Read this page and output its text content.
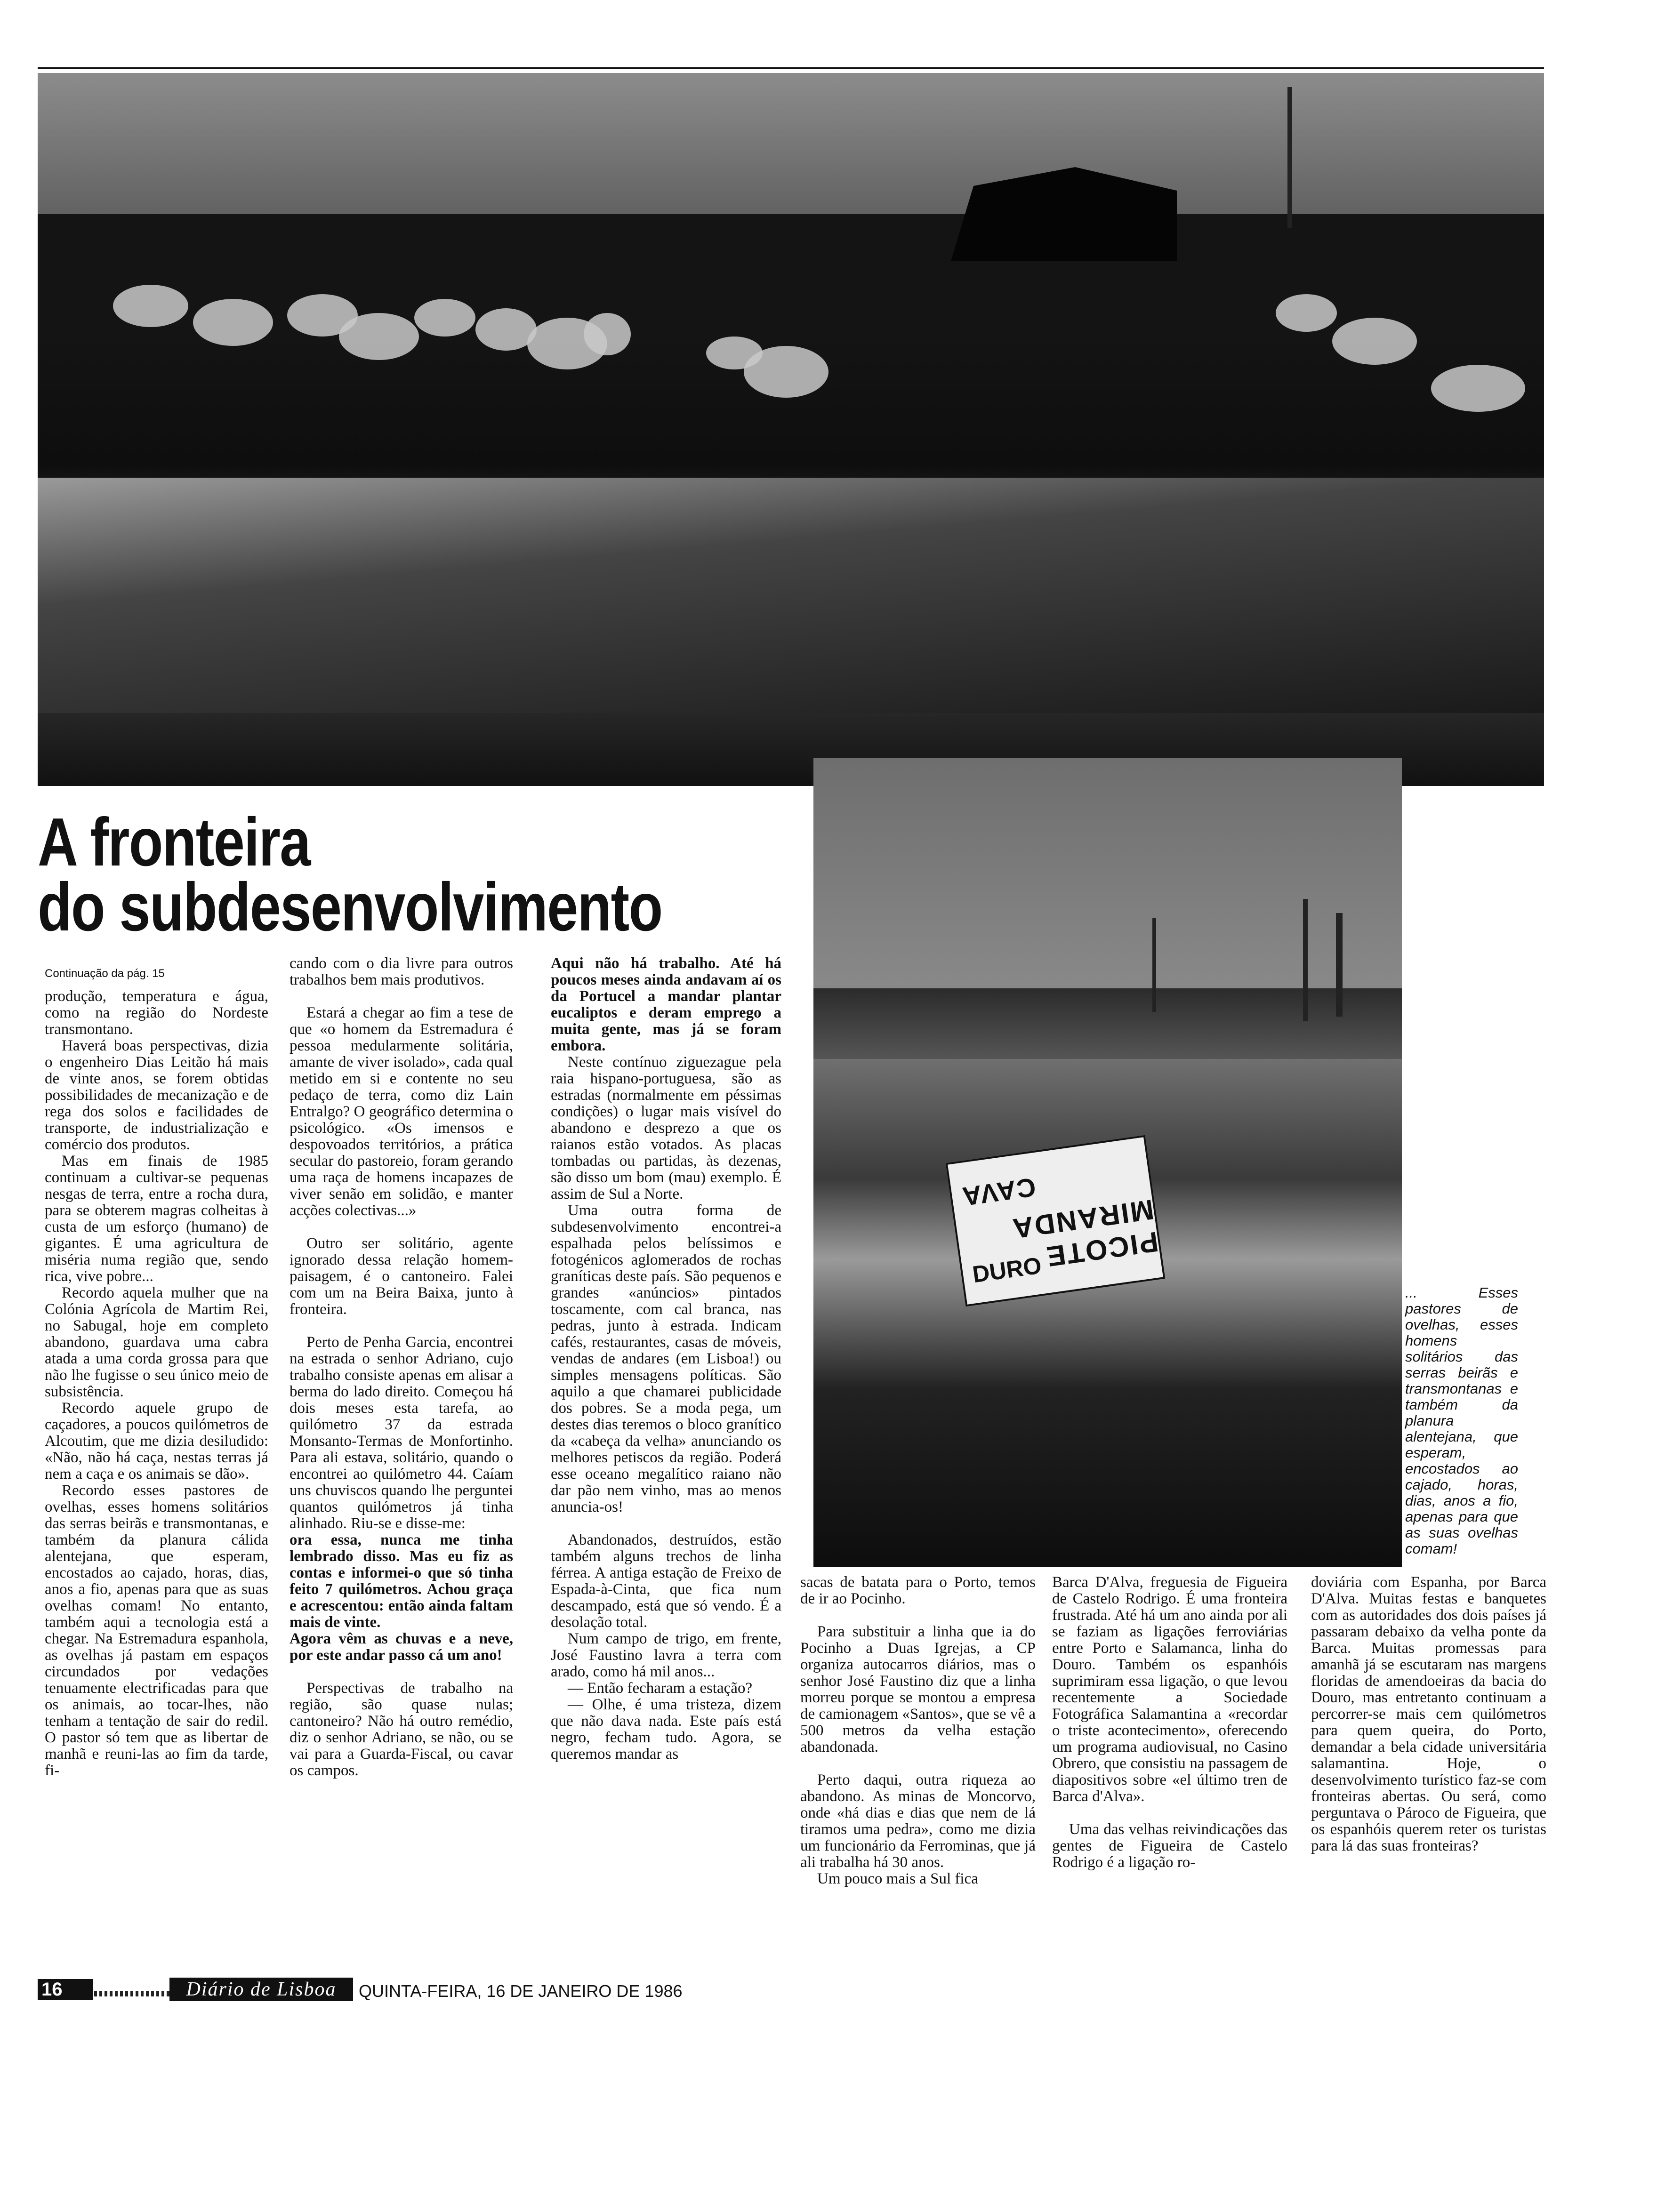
A fronteira
do subdesenvolvimento
Continuação da pág. 15
CAVA
PICOTE MIRANDA
DURO
... Esses pastores de ovelhas, esses homens solitários das serras beirãs e transmontanas e também da planura alentejana, que esperam, encostados ao cajado, horas, dias, anos a fio, apenas para que as suas ovelhas comam!

produção, temperatura e água, como na região do Nordeste transmontano.

Haverá boas perspectivas, dizia o engenheiro Dias Leitão há mais de vinte anos, se forem obtidas possibilidades de mecanização e de rega dos solos e facilidades de transporte, de industrialização e comércio dos produtos.

Mas em finais de 1985 continuam a cultivar-se pequenas nesgas de terra, entre a rocha dura, para se obterem magras colheitas à custa de um esforço (humano) de gigantes. É uma agricultura de miséria numa região que, sendo rica, vive pobre...

Recordo aquela mulher que na Colónia Agrícola de Martim Rei, no Sabugal, hoje em completo abandono, guardava uma cabra atada a uma corda grossa para que não lhe fugisse o seu único meio de subsistência.

Recordo aquele grupo de caçadores, a poucos quilómetros de Alcoutim, que me dizia desiludido: «Não, não há caça, nestas terras já nem a caça e os animais se dão».

Recordo esses pastores de ovelhas, esses homens solitários das serras beirãs e transmontanas, e também da planura cálida alentejana, que esperam, encostados ao cajado, horas, dias, anos a fio, apenas para que as suas ovelhas comam! No entanto, também aqui a tecnologia está a chegar. Na Estremadura espanhola, as ovelhas já pastam em espaços circundados por vedações tenuamente electrificadas para que os animais, ao tocar-lhes, não tenham a tentação de sair do redil. O pastor só tem que as libertar de manhã e reuni-las ao fim da tarde, fi-

cando com o dia livre para outros trabalhos bem mais produtivos.

Estará a chegar ao fim a tese de que «o homem da Estremadura é pessoa medularmente solitária, amante de viver isolado», cada qual metido em si e contente no seu pedaço de terra, como diz Lain Entralgo? O geográfico determina o psicológico. «Os imensos e despovoados territórios, a prática secular do pastoreio, foram gerando uma raça de homens incapazes de viver senão em solidão, e manter acções colectivas...»

Outro ser solitário, agente ignorado dessa relação homem-paisagem, é o cantoneiro. Falei com um na Beira Baixa, junto à fronteira.

Perto de Penha Garcia, encontrei na estrada o senhor Adriano, cujo trabalho consiste apenas em alisar a berma do lado direito. Começou há dois meses esta tarefa, ao quilómetro 37 da estrada Monsanto-Termas de Monfortinho. Para ali estava, solitário, quando o encontrei ao quilómetro 44. Caíam uns chuviscos quando lhe perguntei quantos quilómetros já tinha alinhado. Riu-se e disse-me:

ora essa, nunca me tinha lembrado disso. Mas eu fiz as contas e informei-o que só tinha feito 7 quilómetros. Achou graça e acrescentou: então ainda faltam mais de vinte.

Agora vêm as chuvas e a neve, por este andar passo cá um ano!

Perspectivas de trabalho na região, são quase nulas; cantoneiro? Não há outro remédio, diz o senhor Adriano, se não, ou se vai para a Guarda-Fiscal, ou cavar os campos.

Aqui não há trabalho. Até há poucos meses ainda andavam aí os da Portucel a mandar plantar eucaliptos e deram emprego a muita gente, mas já se foram embora.

Neste contínuo ziguezague pela raia hispano-portuguesa, são as estradas (normalmente em péssimas condições) o lugar mais visível do abandono e desprezo a que os raianos estão votados. As placas tombadas ou partidas, às dezenas, são disso um bom (mau) exemplo. É assim de Sul a Norte.

Uma outra forma de subdesenvolvimento encontrei-a espalhada pelos belíssimos e fotogénicos aglomerados de rochas graníticas deste país. São pequenos e grandes «anúncios» pintados toscamente, com cal branca, nas pedras, junto à estrada. Indicam cafés, restaurantes, casas de móveis, vendas de andares (em Lisboa!) ou simples mensagens políticas. São aquilo a que chamarei publicidade dos pobres. Se a moda pega, um destes dias teremos o bloco granítico da «cabeça da velha» anunciando os melhores petiscos da região. Poderá esse oceano megalítico raiano não dar pão nem vinho, mas ao menos anuncia-os!

Abandonados, destruídos, estão também alguns trechos de linha férrea. A antiga estação de Freixo de Espada-à-Cinta, que fica num descampado, está que só vendo. É a desolação total.

Num campo de trigo, em frente, José Faustino lavra a terra com arado, como há mil anos...

— Então fecharam a estação?

— Olhe, é uma tristeza, dizem que não dava nada. Este país está negro, fecham tudo. Agora, se queremos mandar as

sacas de batata para o Porto, temos de ir ao Pocinho.

Para substituir a linha que ia do Pocinho a Duas Igrejas, a CP organiza autocarros diários, mas o senhor José Faustino diz que a linha morreu porque se montou a empresa de camionagem «Santos», que se vê a 500 metros da velha estação abandonada.

Perto daqui, outra riqueza ao abandono. As minas de Moncorvo, onde «há dias e dias que nem de lá tiramos uma pedra», como me dizia um funcionário da Ferrominas, que já ali trabalha há 30 anos.

Um pouco mais a Sul fica

Barca D'Alva, freguesia de Figueira de Castelo Rodrigo. É uma fronteira frustrada. Até há um ano ainda por ali se faziam as ligações ferroviárias entre Porto e Salamanca, linha do Douro. Também os espanhóis suprimiram essa ligação, o que levou recentemente a Sociedade Fotográfica Salamantina a «recordar o triste acontecimento», oferecendo um programa audiovisual, no Casino Obrero, que consistiu na passagem de diapositivos sobre «el último tren de Barca d'Alva».

Uma das velhas reivindicações das gentes de Figueira de Castelo Rodrigo é a ligação ro-

doviária com Espanha, por Barca D'Alva. Muitas festas e banquetes com as autoridades dos dois países já passaram debaixo da velha ponte da Barca. Muitas promessas para amanhã já se escutaram nas margens floridas de amendoeiras da bacia do Douro, mas entretanto continuam a percorrer-se mais cem quilómetros para quem queira, do Porto, demandar a bela cidade universitária salamantina. Hoje, o desenvolvimento turístico faz-se com fronteiras abertas. Ou será, como perguntava o Pároco de Figueira, que os espanhóis querem reter os turistas para lá das suas fronteiras?

16	Diário de Lisboa	QUINTA-FEIRA, 16 DE JANEIRO DE 1986
